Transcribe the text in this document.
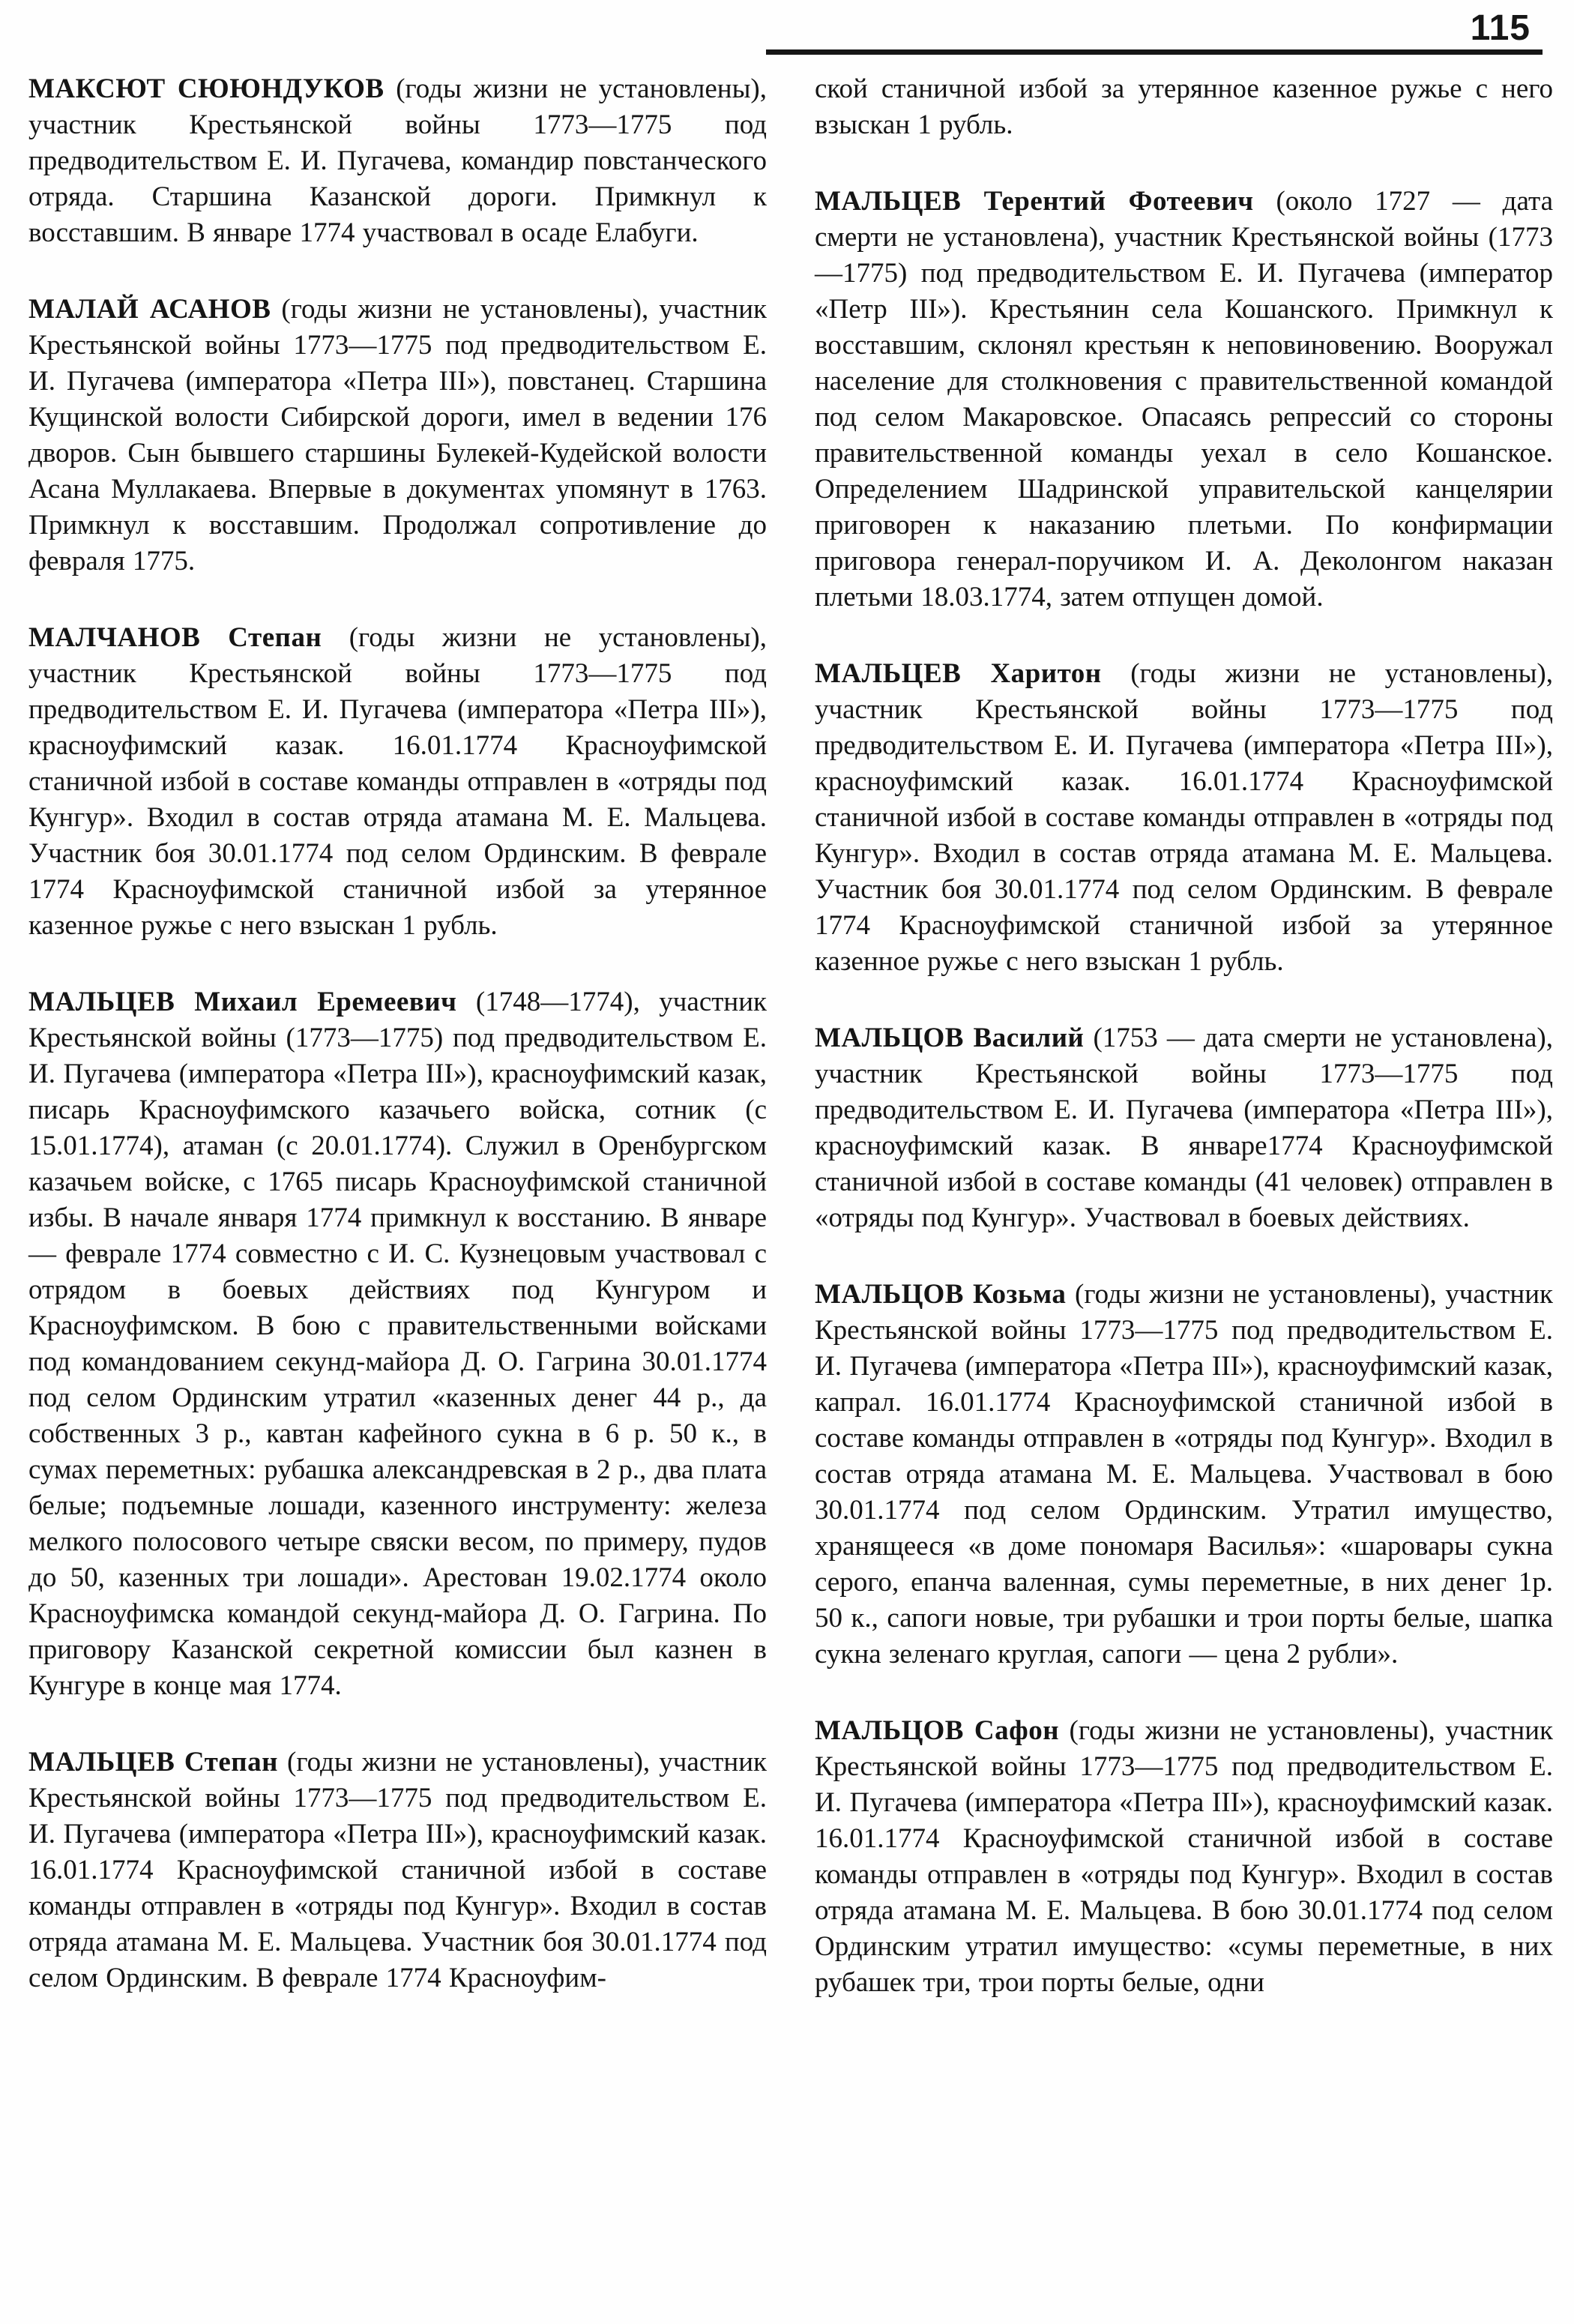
115

МАКСЮТ СЮЮНДУКОВ (годы жизни не установлены), участник Крестьянской войны 1773—1775 под предводительством Е. И. Пугачева, командир повстанческого отряда. Старшина Казанской дороги. Примкнул к восставшим. В январе 1774 участвовал в осаде Елабуги.

МАЛАЙ АСАНОВ (годы жизни не установлены), участник Крестьянской войны 1773—1775 под предводительством Е. И. Пугачева (императора «Петра III»), повстанец. Старшина Кущинской волости Сибирской дороги, имел в ведении 176 дворов. Сын бывшего старшины Булекей-Кудейской волости Асана Муллакаева. Впервые в документах упомянут в 1763. Примкнул к восставшим. Продолжал сопротивление до февраля 1775.

МАЛЧАНОВ Степан (годы жизни не установлены), участник Крестьянской войны 1773—1775 под предводительством Е. И. Пугачева (императора «Петра III»), красноуфимский казак. 16.01.1774 Красноуфимской станичной избой в составе команды отправлен в «отряды под Кунгур». Входил в состав отряда атамана М. Е. Мальцева. Участник боя 30.01.1774 под селом Ординским. В феврале 1774 Красноуфимской станичной избой за утерянное казенное ружье с него взыскан 1 рубль.

МАЛЬЦЕВ Михаил Еремеевич (1748—1774), участник Крестьянской войны (1773—1775) под предводительством Е. И. Пугачева (императора «Петра III»), красноуфимский казак, писарь Красноуфимского казачьего войска, сотник (с 15.01.1774), атаман (с 20.01.1774). Служил в Оренбургском казачьем войске, с 1765 писарь Красноуфимской станичной избы. В начале января 1774 примкнул к восстанию. В январе — феврале 1774 совместно с И. С. Кузнецовым участвовал с отрядом в боевых действиях под Кунгуром и Красноуфимском. В бою с правительственными войсками под командованием секунд-майора Д. О. Гагрина 30.01.1774 под селом Ординским утратил «казенных денег 44 р., да собственных 3 р., кавтан кафейного сукна в 6 р. 50 к., в сумах переметных: рубашка александревская в 2 р., два плата белые; подъемные лошади, казенного инструменту: железа мелкого полосового четыре свяски весом, по примеру, пудов до 50, казенных три лошади». Арестован 19.02.1774 около Красноуфимска командой секунд-майора Д. О. Гагрина. По приговору Казанской секретной комиссии был казнен в Кунгуре в конце мая 1774.

МАЛЬЦЕВ Степан (годы жизни не установлены), участник Крестьянской войны 1773—1775 под предводительством Е. И. Пугачева (императора «Петра III»), красноуфимский казак. 16.01.1774 Красноуфимской станичной избой в составе команды отправлен в «отряды под Кунгур». Входил в состав отряда атамана М. Е. Мальцева. Участник боя 30.01.1774 под селом Ординским. В феврале 1774 Красноуфим-

ской станичной избой за утерянное казенное ружье с него взыскан 1 рубль.

МАЛЬЦЕВ Терентий Фотеевич (около 1727 — дата смерти не установлена), участник Крестьянской войны (1773—1775) под предводительством Е. И. Пугачева (император «Петр III»). Крестьянин села Кошанского. Примкнул к восставшим, склонял крестьян к неповиновению. Вооружал население для столкновения с правительственной командой под селом Макаровское. Опасаясь репрессий со стороны правительственной команды уехал в село Кошанское. Определением Шадринской управительской канцелярии приговорен к наказанию плетьми. По конфирмации приговора генерал-поручиком И. А. Деколонгом наказан плетьми 18.03.1774, затем отпущен домой.

МАЛЬЦЕВ Харитон (годы жизни не установлены), участник Крестьянской войны 1773—1775 под предводительством Е. И. Пугачева (императора «Петра III»), красноуфимский казак. 16.01.1774 Красноуфимской станичной избой в составе команды отправлен в «отряды под Кунгур». Входил в состав отряда атамана М. Е. Мальцева. Участник боя 30.01.1774 под селом Ординским. В феврале 1774 Красноуфимской станичной избой за утерянное казенное ружье с него взыскан 1 рубль.

МАЛЬЦОВ Василий (1753 — дата смерти не установлена), участник Крестьянской войны 1773—1775 под предводительством Е. И. Пугачева (императора «Петра III»), красноуфимский казак. В январе1774 Красноуфимской станичной избой в составе команды (41 человек) отправлен в «отряды под Кунгур». Участвовал в боевых действиях.

МАЛЬЦОВ Козьма (годы жизни не установлены), участник Крестьянской войны 1773—1775 под предводительством Е. И. Пугачева (императора «Петра III»), красноуфимский казак, капрал. 16.01.1774 Красноуфимской станичной избой в составе команды отправлен в «отряды под Кунгур». Входил в состав отряда атамана М. Е. Мальцева. Участвовал в бою 30.01.1774 под селом Ординским. Утратил имущество, хранящееся «в доме пономаря Василья»: «шаровары сукна серого, епанча валенная, сумы переметные, в них денег 1р. 50 к., сапоги новые, три рубашки и трои порты белые, шапка сукна зеленаго круглая, сапоги — цена 2 рубли».

МАЛЬЦОВ Сафон (годы жизни не установлены), участник Крестьянской войны 1773—1775 под предводительством Е. И. Пугачева (императора «Петра III»), красноуфимский казак. 16.01.1774 Красноуфимской станичной избой в составе команды отправлен в «отряды под Кунгур». Входил в состав отряда атамана М. Е. Мальцева. В бою 30.01.1774 под селом Ординским утратил имущество: «сумы переметные, в них рубашек три, трои порты белые, одни
